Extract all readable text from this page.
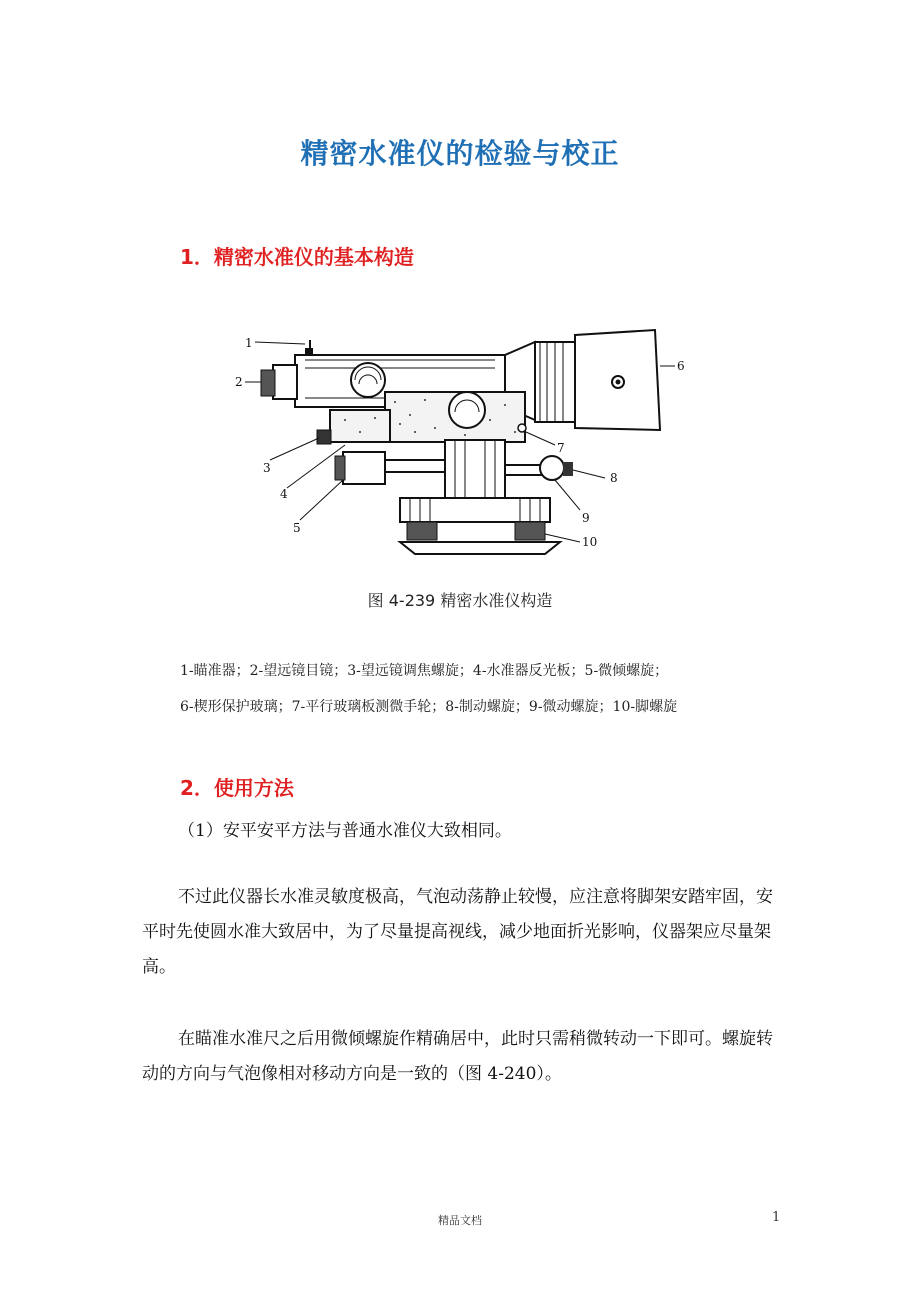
精密水准仪的检验与校正
1．精密水准仪的基本构造
1
2
3
4
5
6
7
8
9
10
图 4-239 精密水准仪构造
1-瞄准器；2-望远镜目镜；3-望远镜调焦螺旋；4-水准器反光板；5-微倾螺旋；
6-楔形保护玻璃；7-平行玻璃板测微手轮；8-制动螺旋；9-微动螺旋；10-脚螺旋
2．使用方法
（1）安平安平方法与普通水准仪大致相同。
不过此仪器长水准灵敏度极高，气泡动荡静止较慢，应注意将脚架安踏牢固，安平时先使圆水准大致居中，为了尽量提高视线，减少地面折光影响，仪器架应尽量架高。
在瞄准水准尺之后用微倾螺旋作精确居中，此时只需稍微转动一下即可。螺旋转动的方向与气泡像相对移动方向是一致的（图 4-240）。
精品文档	1
